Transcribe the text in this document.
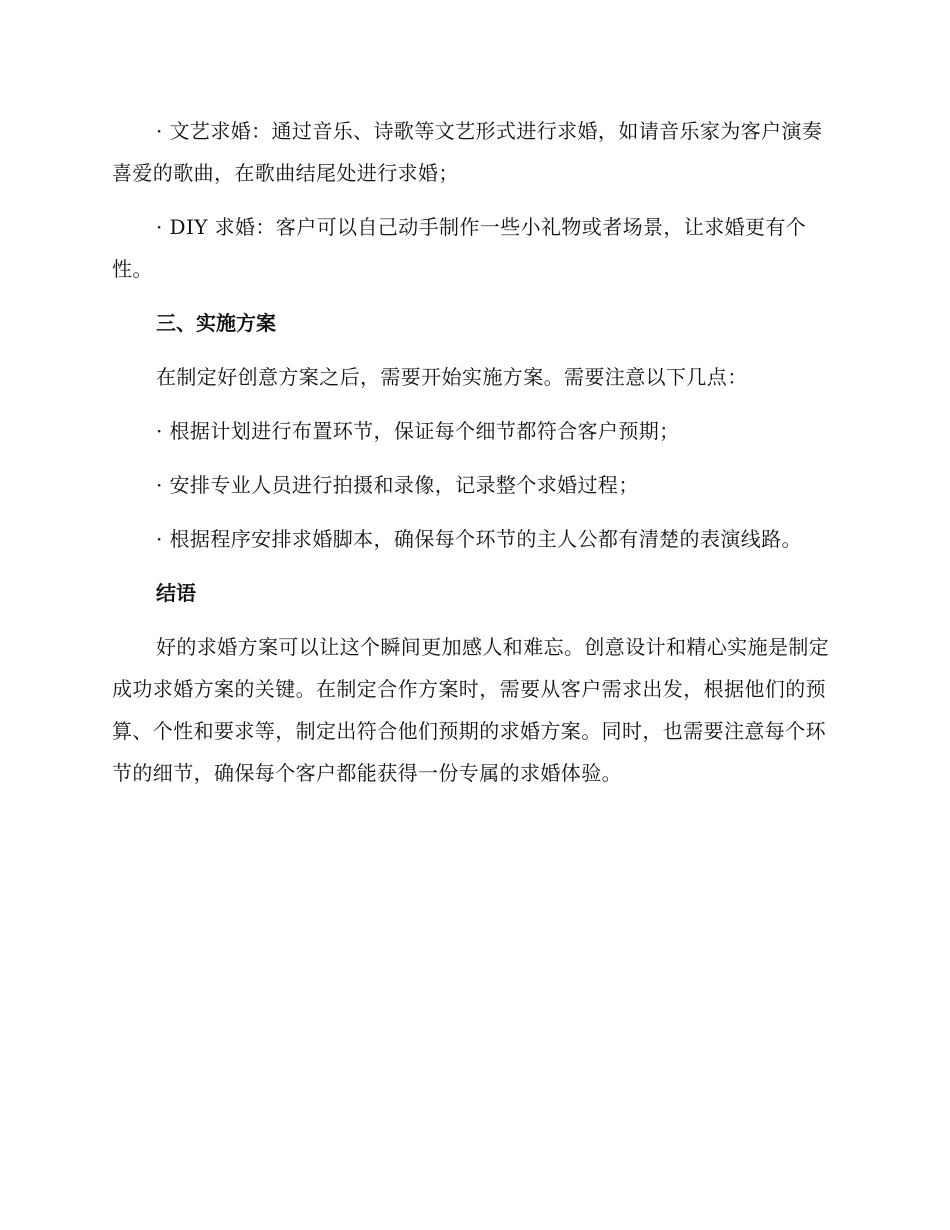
· 文艺求婚：通过音乐、诗歌等文艺形式进行求婚，如请音乐家为客户演奏喜爱的歌曲，在歌曲结尾处进行求婚；

· DIY 求婚：客户可以自己动手制作一些小礼物或者场景，让求婚更有个性。

三、实施方案

在制定好创意方案之后，需要开始实施方案。需要注意以下几点：

· 根据计划进行布置环节，保证每个细节都符合客户预期；

· 安排专业人员进行拍摄和录像，记录整个求婚过程；

· 根据程序安排求婚脚本，确保每个环节的主人公都有清楚的表演线路。

结语

好的求婚方案可以让这个瞬间更加感人和难忘。创意设计和精心实施是制定成功求婚方案的关键。在制定合作方案时，需要从客户需求出发，根据他们的预算、个性和要求等，制定出符合他们预期的求婚方案。同时，也需要注意每个环节的细节，确保每个客户都能获得一份专属的求婚体验。
